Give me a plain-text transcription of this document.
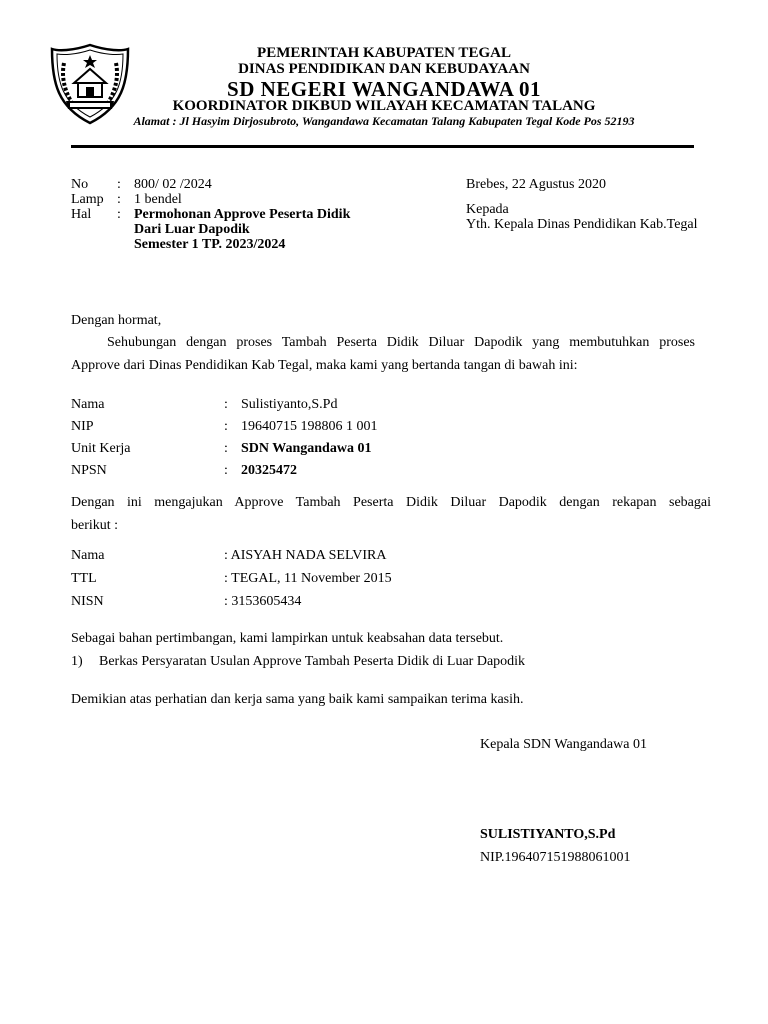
PEMERINTAH KABUPATEN TEGAL
DINAS PENDIDIKAN DAN KEBUDAYAAN
SD NEGERI WANGANDAWA 01
KOORDINATOR DIKBUD WILAYAH KECAMATAN TALANG
Alamat : Jl Hasyim Dirjosubroto, Wangandawa Kecamatan Talang Kabupaten Tegal Kode Pos 52193
No : 800/ 02 /2024
Lamp : 1 bendel
Hal : Permohonan Approve Peserta Didik
Dari Luar Dapodik
Semester 1 TP. 2023/2024
Brebes, 22 Agustus 2020
Kepada
Yth. Kepala Dinas Pendidikan Kab.Tegal
Dengan hormat,
Sehubungan dengan proses Tambah Peserta Didik Diluar Dapodik yang membutuhkan proses
Approve dari Dinas Pendidikan Kab Tegal, maka kami yang bertanda tangan di bawah ini:
Nama	: Sulistiyanto,S.Pd
NIP	: 19640715 198806 1 001
Unit Kerja	: SDN Wangandawa 01
NPSN	: 20325472
Dengan ini mengajukan Approve Tambah Peserta Didik Diluar Dapodik dengan rekapan sebagai
berikut :
Nama	: AISYAH NADA SELVIRA
TTL	: TEGAL, 11 November 2015
NISN	: 3153605434
Sebagai bahan pertimbangan, kami lampirkan untuk keabsahan data tersebut.
1) Berkas Persyaratan Usulan Approve Tambah Peserta Didik di Luar Dapodik
Demikian atas perhatian dan kerja sama yang baik kami sampaikan terima kasih.
Kepala SDN Wangandawa 01
SULISTIYANTO,S.Pd
NIP.196407151988061001
